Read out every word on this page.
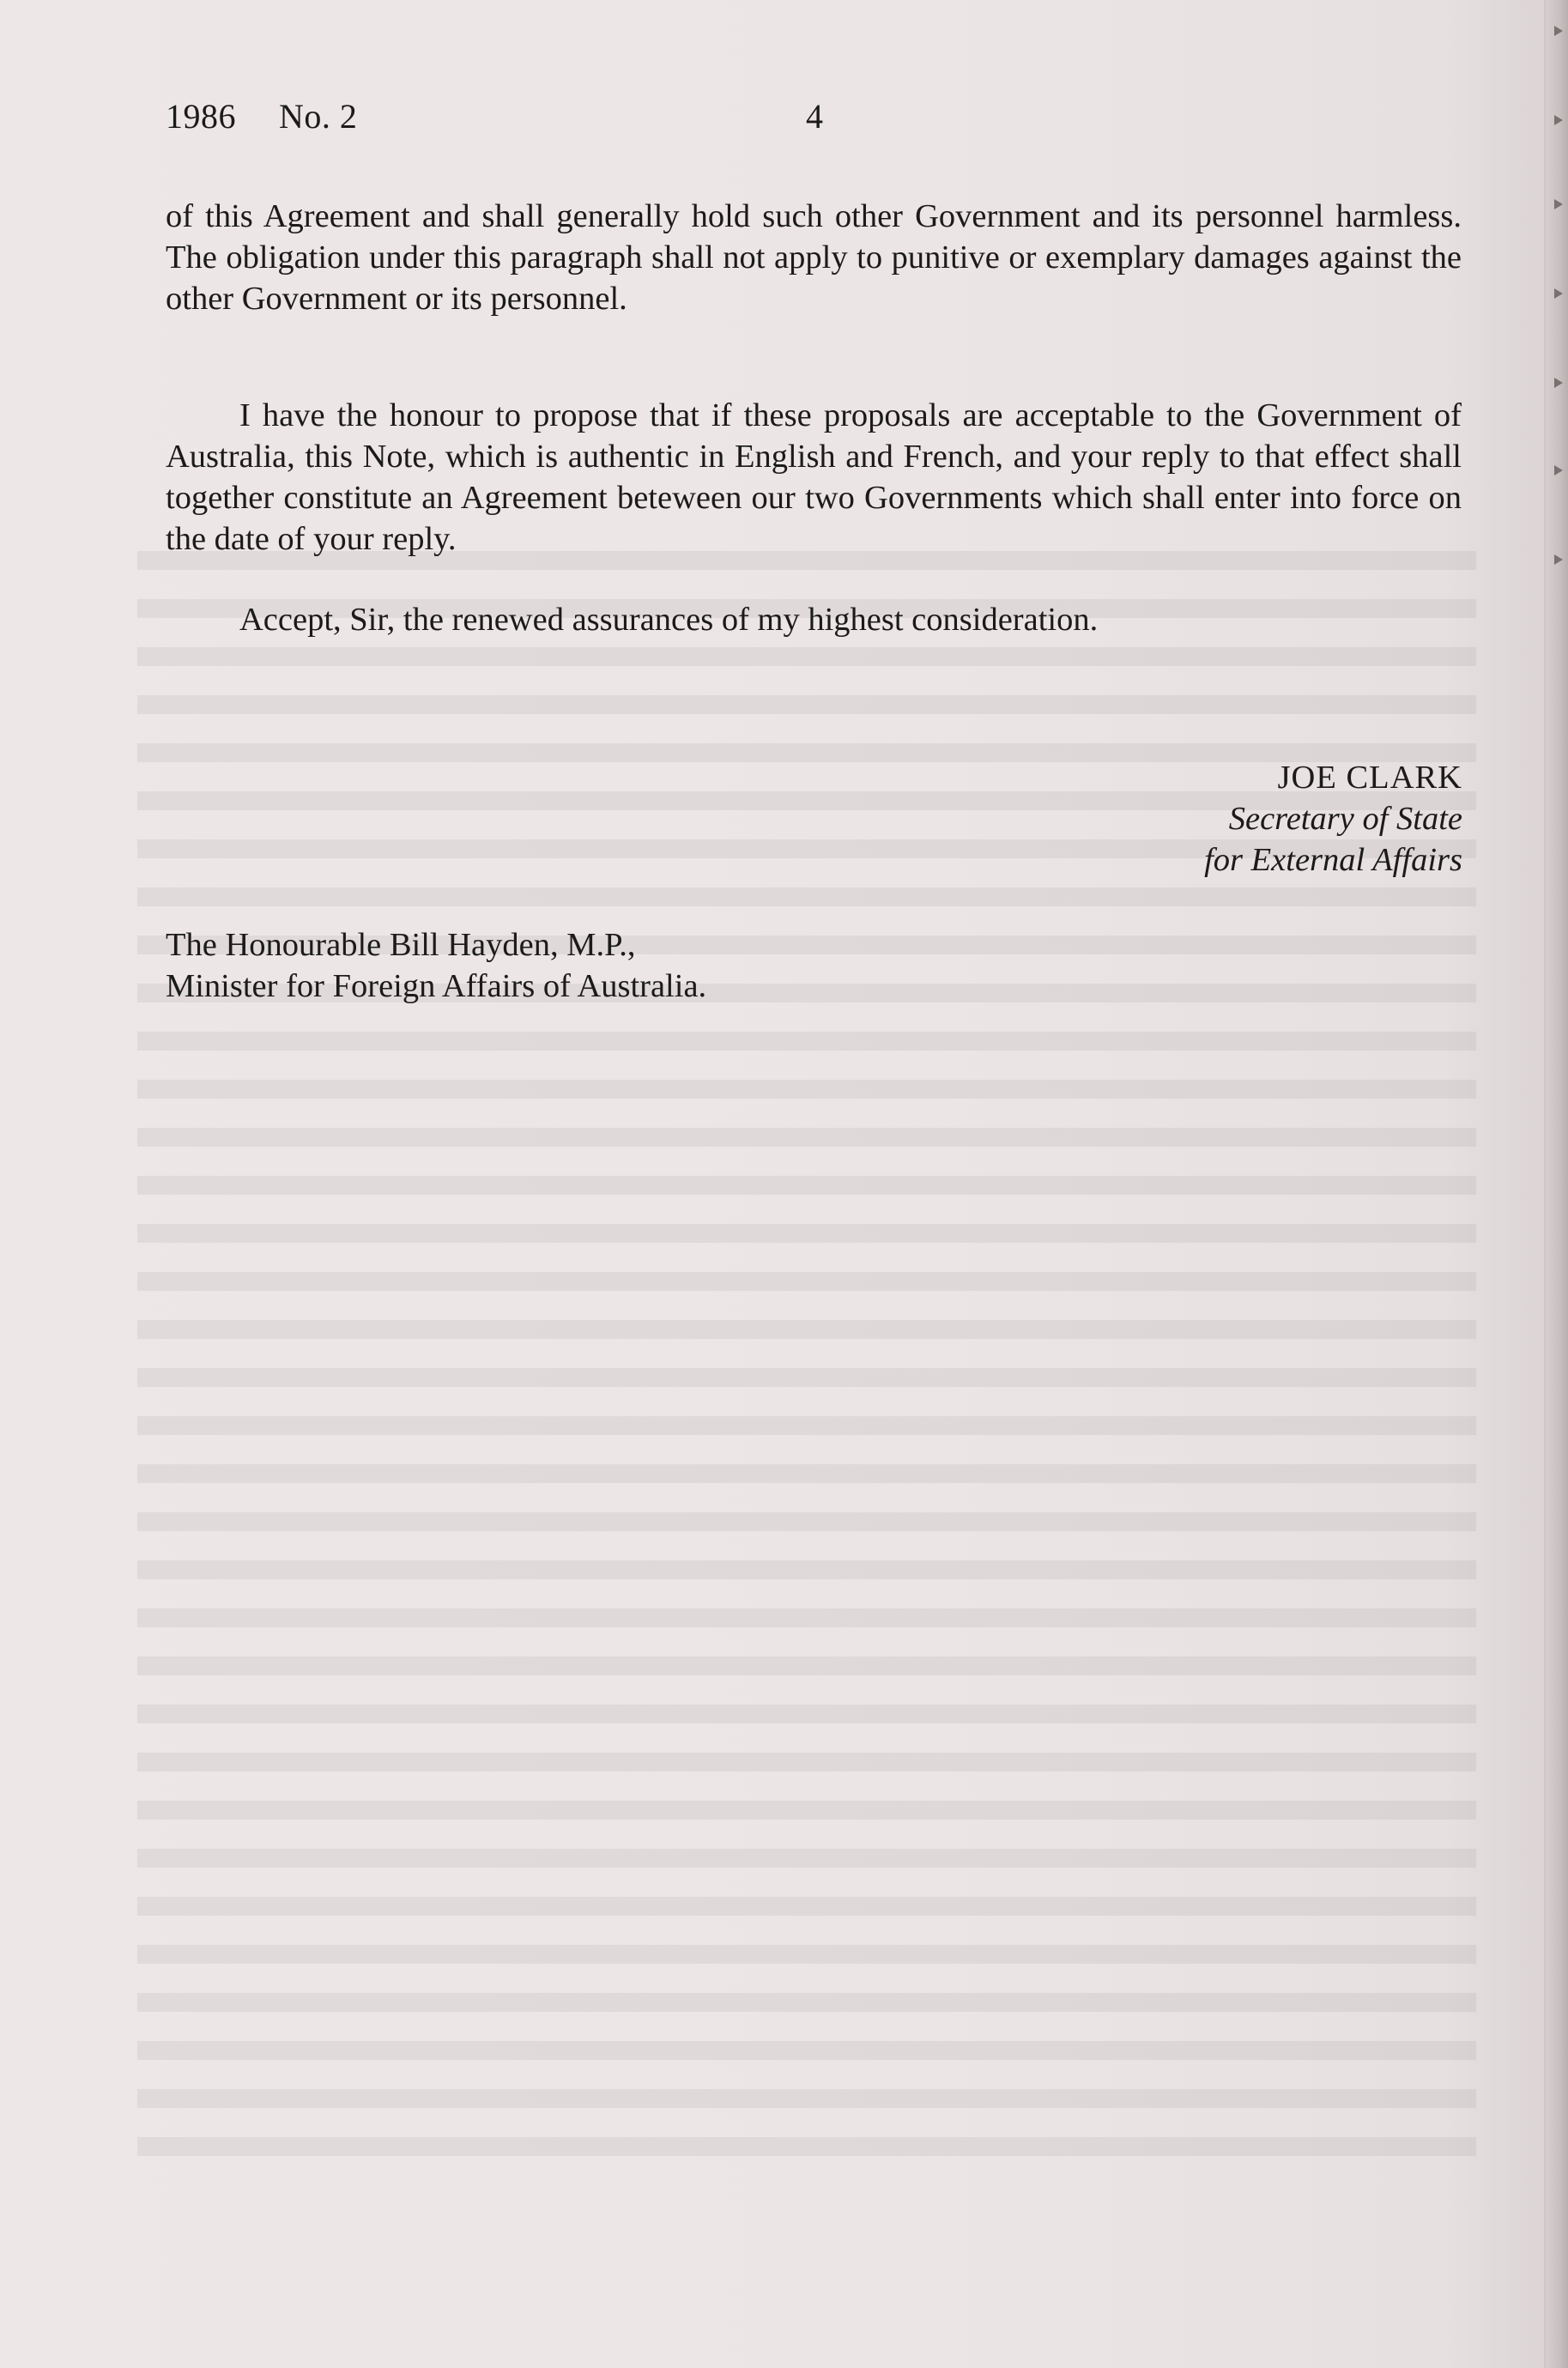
1986 No. 2	4

of this Agreement and shall generally hold such other Government and its personnel harmless. The obligation under this paragraph shall not apply to punitive or exemplary damages against the other Government or its personnel.

I have the honour to propose that if these proposals are acceptable to the Government of Australia, this Note, which is authentic in English and French, and your reply to that effect shall together constitute an Agreement beteween our two Governments which shall enter into force on the date of your reply.

Accept, Sir, the renewed assurances of my highest consideration.

JOE CLARK
Secretary of State
for External Affairs
The Honourable Bill Hayden, M.P.,
Minister for Foreign Affairs of Australia.
